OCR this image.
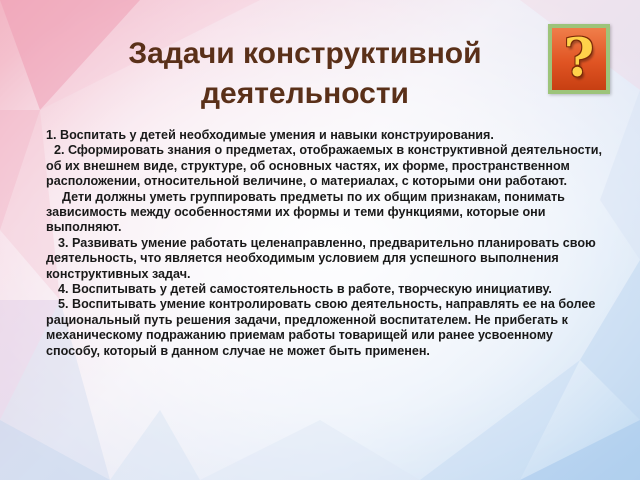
Задачи конструктивной
деятельности
?

1. Воспитать у детей необходимые умения и навыки конструирования.

2. Сформировать знания о предметах, отображаемых в конструктивной деятельности, об их внешнем виде, структуре, об основных частях, их форме, пространственном расположении, относительной величине, о материалах, с которыми они работают.

Дети должны уметь группировать предметы по их общим признакам, понимать зависимость между особенностями их формы и теми функциями, которые они выполняют.

3. Развивать умение работать целенаправленно, предварительно планировать свою деятельность, что является необходимым условием для успешного выполнения конструктивных задач.

4. Воспитывать у детей самостоятельность в работе, творческую инициативу.

5. Воспитывать умение контролировать свою деятельность, направлять ее на более рациональный путь решения задачи, предложенной воспитателем. Не прибегать к механическому подражанию приемам работы товарищей или ранее усвоенному способу, который в данном случае не может быть применен.
